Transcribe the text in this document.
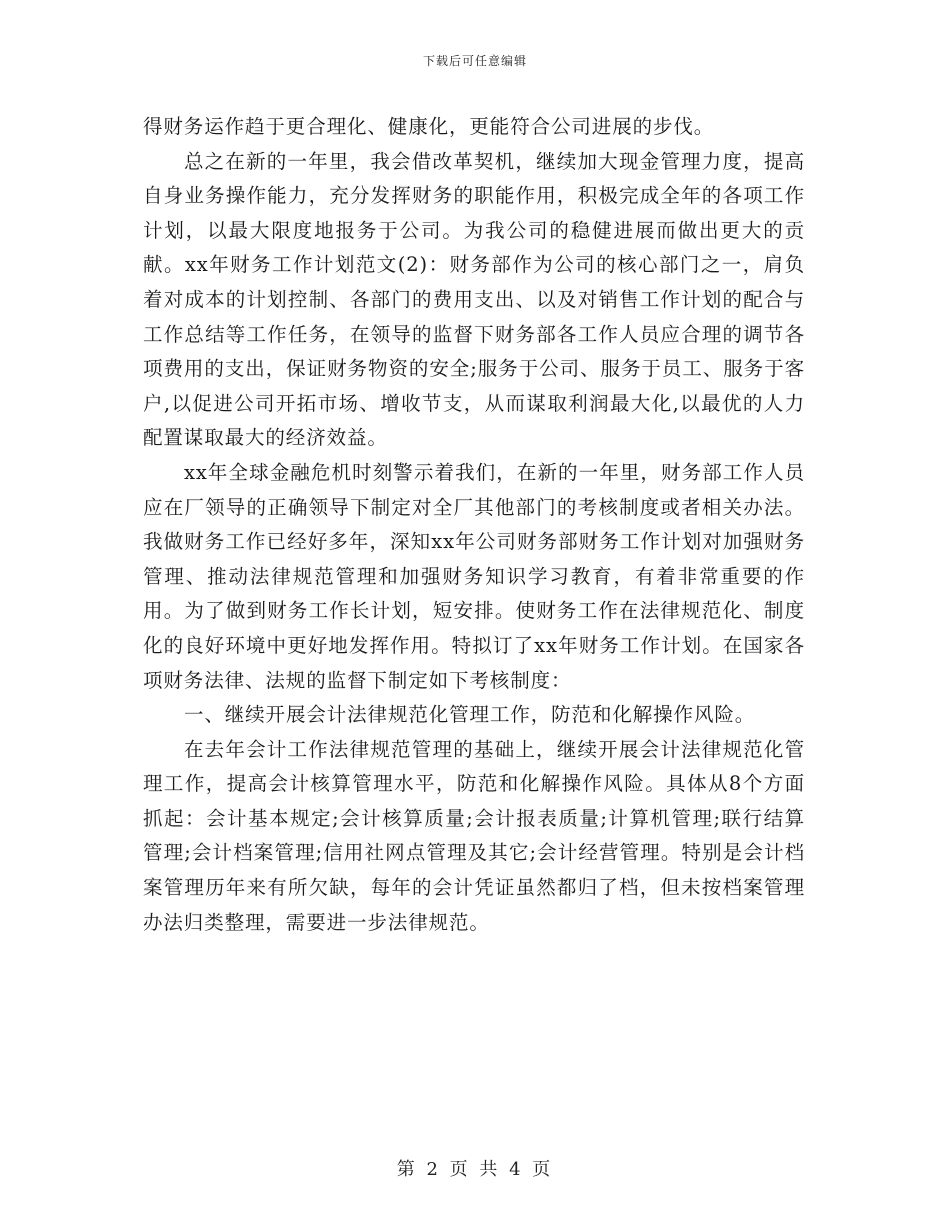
下载后可任意编辑

得财务运作趋于更合理化、健康化，更能符合公司进展的步伐。

总之在新的一年里，我会借改革契机，继续加大现金管理力度，提高自身业务操作能力，充分发挥财务的职能作用，积极完成全年的各项工作计划，以最大限度地报务于公司。为我公司的稳健进展而做出更大的贡献。xx年财务工作计划范文(2)：财务部作为公司的核心部门之一，肩负着对成本的计划控制、各部门的费用支出、以及对销售工作计划的配合与工作总结等工作任务，在领导的监督下财务部各工作人员应合理的调节各项费用的支出，保证财务物资的安全;服务于公司、服务于员工、服务于客户,以促进公司开拓市场、增收节支，从而谋取利润最大化,以最优的人力配置谋取最大的经济效益。

xx年全球金融危机时刻警示着我们，在新的一年里，财务部工作人员应在厂领导的正确领导下制定对全厂其他部门的考核制度或者相关办法。我做财务工作已经好多年，深知xx年公司财务部财务工作计划对加强财务管理、推动法律规范管理和加强财务知识学习教育，有着非常重要的作用。为了做到财务工作长计划，短安排。使财务工作在法律规范化、制度化的良好环境中更好地发挥作用。特拟订了xx年财务工作计划。在国家各项财务法律、法规的监督下制定如下考核制度：

一、继续开展会计法律规范化管理工作，防范和化解操作风险。

在去年会计工作法律规范管理的基础上，继续开展会计法律规范化管理工作，提高会计核算管理水平，防范和化解操作风险。具体从8个方面抓起：会计基本规定;会计核算质量;会计报表质量;计算机管理;联行结算管理;会计档案管理;信用社网点管理及其它;会计经营管理。特别是会计档案管理历年来有所欠缺，每年的会计凭证虽然都归了档，但未按档案管理办法归类整理，需要进一步法律规范。

第 2 页 共 4 页
